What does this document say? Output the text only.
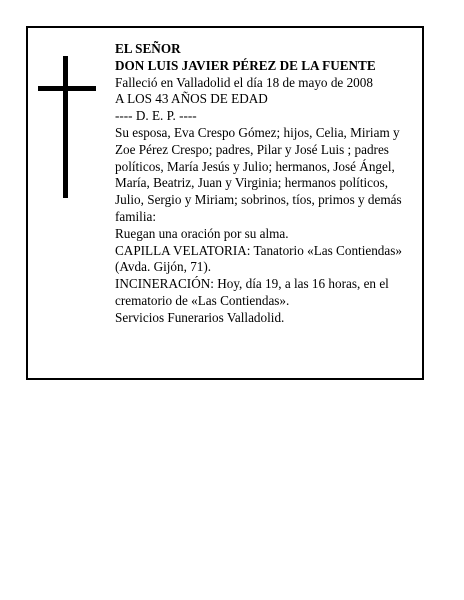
EL SEÑOR
DON LUIS JAVIER PÉREZ DE LA FUENTE
Falleció en Valladolid el día 18 de mayo de 2008
A LOS 43 AÑOS DE EDAD
---- D. E. P. ----
Su esposa, Eva Crespo Gómez; hijos, Celia, Miriam y
Zoe Pérez Crespo; padres, Pilar y José Luis ; padres
políticos, María Jesús y Julio; hermanos, José Ángel,
María, Beatriz, Juan y Virginia; hermanos políticos,
Julio, Sergio y Miriam; sobrinos, tíos, primos y demás
familia:
Ruegan una oración por su alma.
CAPILLA VELATORIA: Tanatorio «Las Contiendas»
(Avda. Gijón, 71).
INCINERACIÓN: Hoy, día 19, a las 16 horas, en el
crematorio de «Las Contiendas».
Servicios Funerarios Valladolid.
